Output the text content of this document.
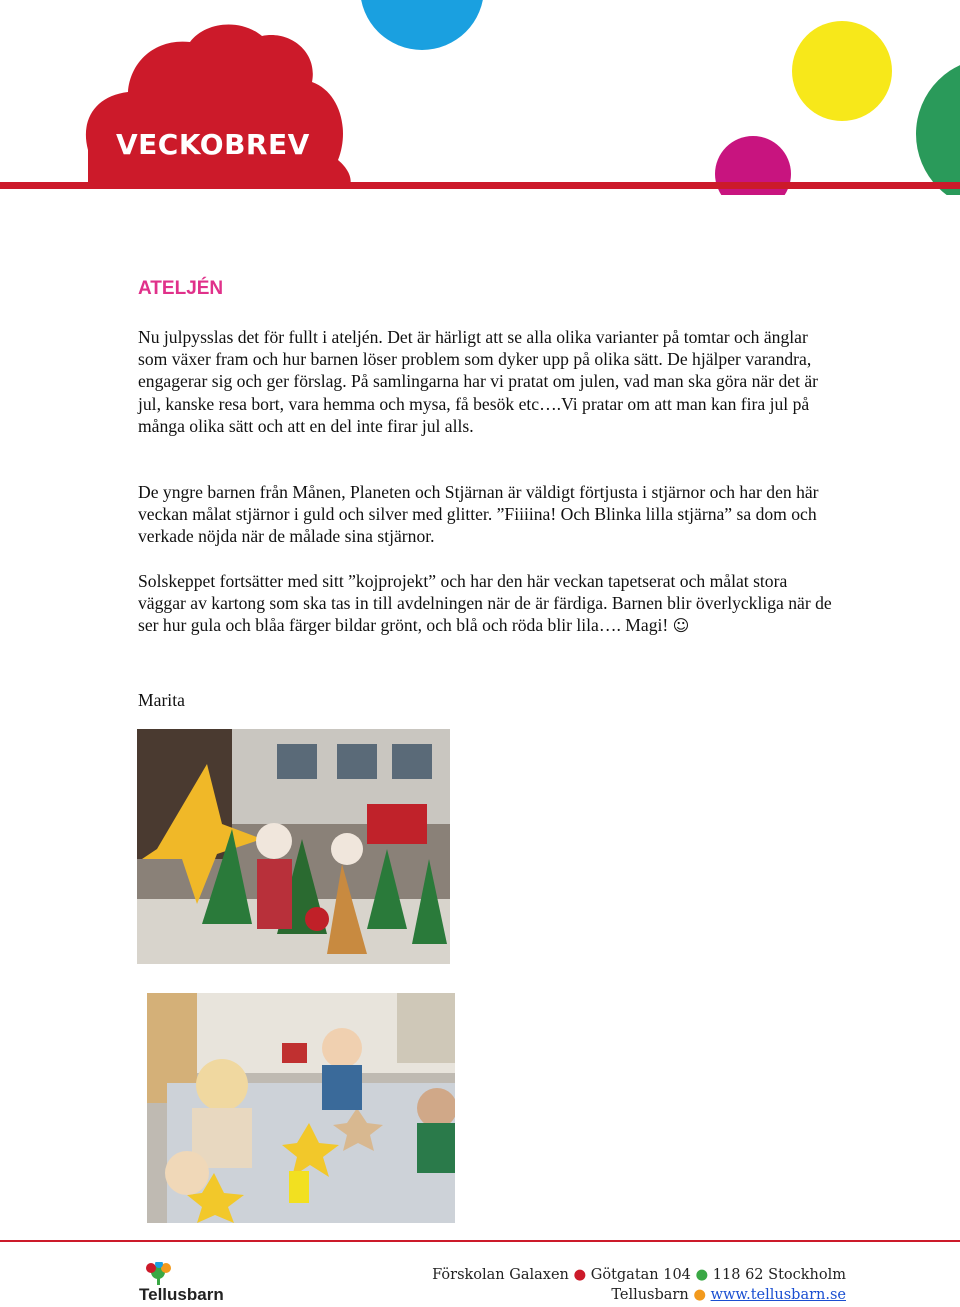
VECKOBREV
ATELJÉN
Nu julpysslas det för fullt i ateljén. Det är härligt att se alla olika varianter på tomtar och änglar som växer fram och hur barnen löser problem som dyker upp på olika sätt. De hjälper varandra, engagerar sig och ger förslag. På samlingarna har vi pratat om julen, vad man ska göra när det är jul, kanske resa bort, vara hemma och mysa, få besök etc….Vi pratar om att man kan fira jul på många olika sätt och att en del inte firar jul alls.
De yngre barnen från Månen, Planeten och Stjärnan är väldigt förtjusta i stjärnor och har den här veckan målat stjärnor i guld och silver med glitter. ”Fiiiina! Och Blinka lilla stjärna” sa dom och verkade nöjda när de målade sina stjärnor.
Solskeppet fortsätter med sitt ”kojprojekt” och har den här veckan tapetserat och målat stora väggar av kartong som ska tas in till avdelningen när de är färdiga. Barnen blir överlyckliga när de ser hur gula och blåa färger bildar grönt, och blå och röda blir lila…. Magi! ☺
Marita
Tellusbarn
Förskolan Galaxen ● Götgatan 104 ● 118 62 Stockholm
Tellusbarn ● www.tellusbarn.se
